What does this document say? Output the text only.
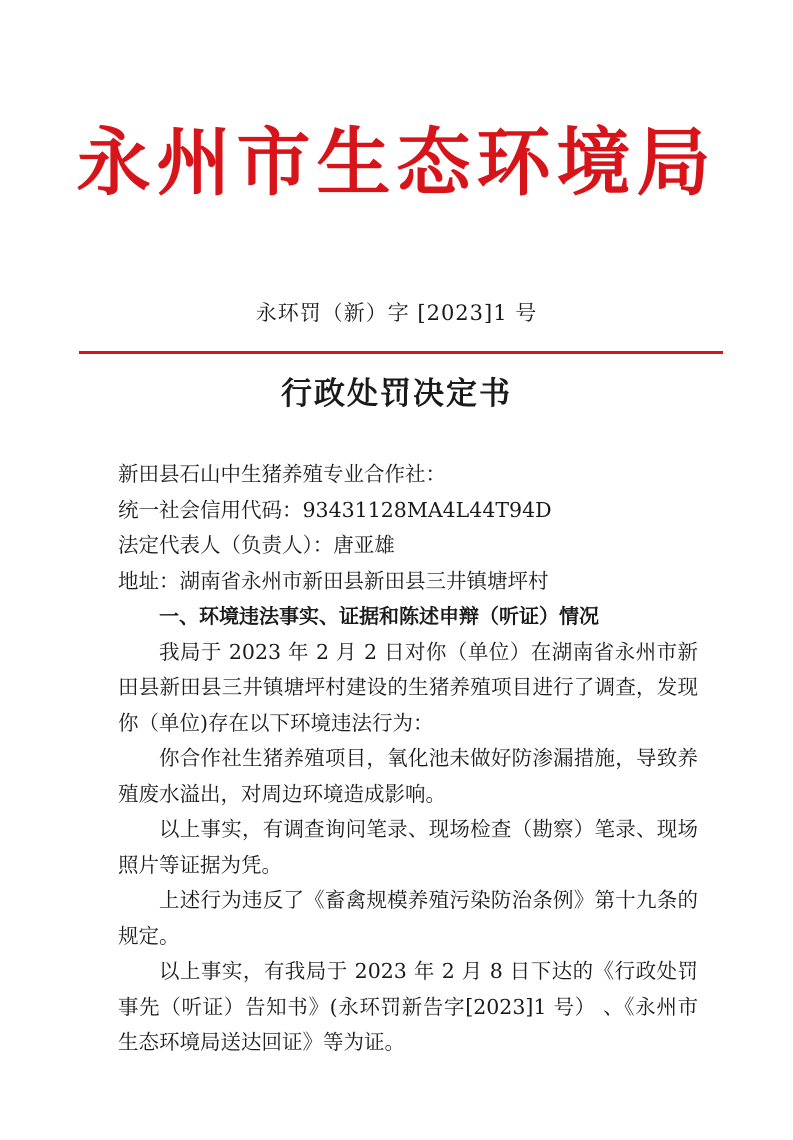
永州市生态环境局
永环罚（新）字 [2023]1 号
行政处罚决定书
新田县石山中生猪养殖专业合作社：
统一社会信用代码：93431128MA4L44T94D
法定代表人（负责人）：唐亚雄
地址：湖南省永州市新田县新田县三井镇塘坪村
一、环境违法事实、证据和陈述申辩（听证）情况
我局于 2023 年 2 月 2 日对你（单位）在湖南省永州市新田县新田县三井镇塘坪村建设的生猪养殖项目进行了调查，发现你（单位)存在以下环境违法行为：
你合作社生猪养殖项目，氧化池未做好防渗漏措施，导致养殖废水溢出，对周边环境造成影响。
以上事实，有调查询问笔录、现场检查（勘察）笔录、现场照片等证据为凭。
上述行为违反了《畜禽规模养殖污染防治条例》第十九条的规定。
以上事实，有我局于 2023 年 2 月 8 日下达的《行政处罚事先（听证）告知书》(永环罚新告字[2023]1 号） 、《永州市生态环境局送达回证》等为证。
